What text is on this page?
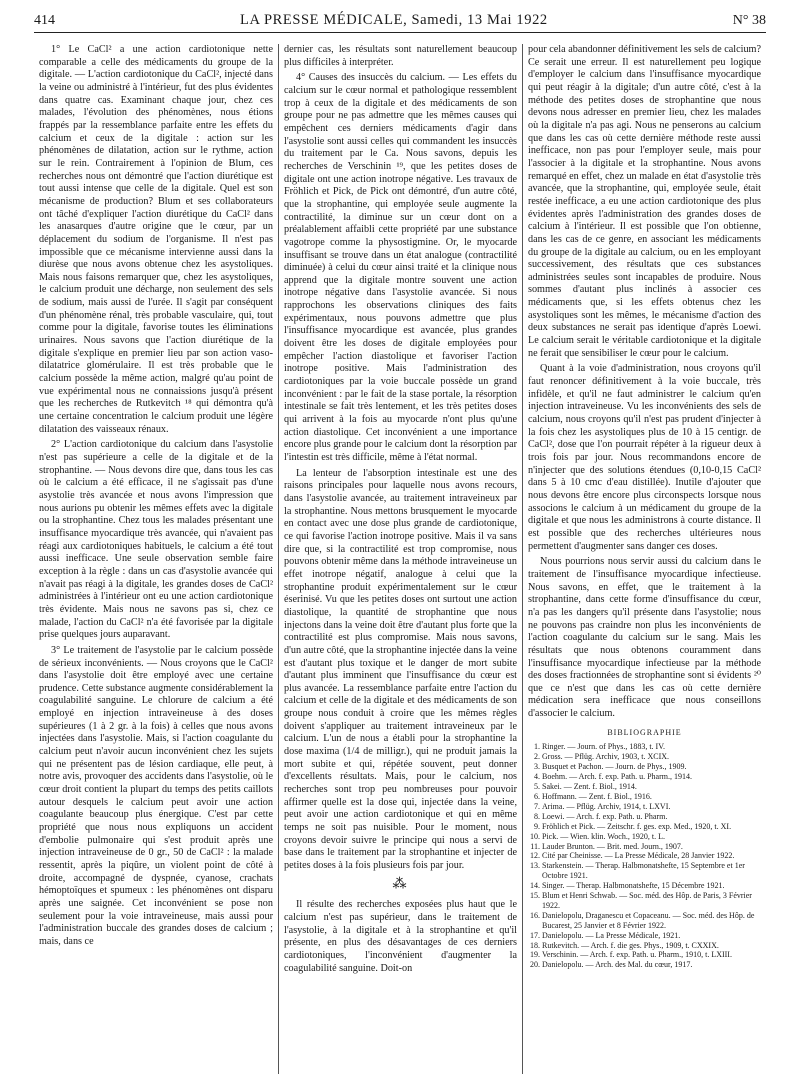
414	LA PRESSE MÉDICALE, Samedi, 13 Mai 1922	N° 38

1° Le CaCl² a une action cardiotonique nette comparable a celle des médicaments du groupe de la digitale. — L'action cardiotonique du CaCl², injecté dans la veine ou administré à l'intérieur, fut des plus évidentes dans quatre cas. Examinant chaque jour, chez ces malades, l'évolution des phénomènes, nous étions frappés par la ressemblance parfaite entre les effets du calcium et ceux de la digitale : action sur les phénomènes de dilatation, action sur le rythme, action sur le rein. Contrairement à l'opinion de Blum, ces recherches nous ont démontré que l'action diurétique est tout aussi intense que celle de la digitale. Quel est son mécanisme de production? Blum et ses collaborateurs ont tâché d'expliquer l'action diurétique du CaCl² dans les anasarques d'autre origine que le cœur, par un déplacement du sodium de l'organisme. Il n'est pas impossible que ce mécanisme intervienne aussi dans la diurèse que nous avons obtenue chez les asystoliques. Mais nous faisons remarquer que, chez les asystoliques, le calcium produit une décharge, non seulement des sels de sodium, mais aussi de l'urée. Il s'agit par conséquent d'un phénomène rénal, très probable vasculaire, qui, tout comme pour la digitale, favorise toutes les éliminations urinaires. Nous savons que l'action diurétique de la digitale s'explique en premier lieu par son action vaso-dilatatrice glomérulaire. Il est très probable que le calcium possède la même action, malgré qu'au point de vue expérimental nous ne connaissions jusqu'à présent que les recherches de Rutkevitch ¹⁸ qui démontra qu'à une certaine concentration le calcium produit une légère dilatation des vaisseaux rénaux.

2° L'action cardiotonique du calcium dans l'asystolie n'est pas supérieure a celle de la digitale et de la strophantine. — Nous devons dire que, dans tous les cas où le calcium a été efficace, il ne s'agissait pas d'une asystolie très avancée et nous avons l'impression que nous aurions pu obtenir les mêmes effets avec la digitale ou la strophantine. Chez tous les malades présentant une insuffisance myocardique très avancée, qui n'avaient pas réagi aux cardiotoniques habituels, le calcium a été tout aussi inefficace. Une seule observation semble faire exception à la règle : dans un cas d'asystolie avancée qui n'avait pas réagi à la digitale, les grandes doses de CaCl² administrées à l'intérieur ont eu une action cardiotonique très évidente. Mais nous ne savons pas si, chez ce malade, l'action du CaCl² n'a été favorisée par la digitale prise quelques jours auparavant.

3° Le traitement de l'asystolie par le calcium possède de sérieux inconvénients. — Nous croyons que le CaCl² dans l'asystolie doit être employé avec une certaine prudence. Cette substance augmente considérablement la coagulabilité sanguine. Le chlorure de calcium a été employé en injection intraveineuse à des doses supérieures (1 à 2 gr. à la fois) à celles que nous avons injectées dans l'asystolie. Mais, si l'action coagulante du calcium peut n'avoir aucun inconvénient chez les sujets qui ne présentent pas de lésion cardiaque, elle peut, à notre avis, provoquer des accidents dans l'asystolie, où le cœur droit contient la plupart du temps des petits caillots autour desquels le calcium peut avoir une action coagulante beaucoup plus énergique. C'est par cette propriété que nous nous expliquons un accident d'embolie pulmonaire qui s'est produit après une injection intraveineuse de 0 gr., 50 de CaCl² : la malade ressentit, après la piqûre, un violent point de côté à droite, accompagné de dyspnée, cyanose, crachats hémoptoïques et spumeux : les phénomènes ont disparu après une saignée. Cet inconvénient se pose non seulement pour la voie intraveineuse, mais aussi pour l'administration buccale des grandes doses de calcium ; mais, dans ce

dernier cas, les résultats sont naturellement beaucoup plus difficiles à interpréter.

4° Causes des insuccès du calcium. — Les effets du calcium sur le cœur normal et pathologique ressemblent trop à ceux de la digitale et des médicaments de son groupe pour ne pas admettre que les mêmes causes qui empêchent ces derniers médicaments d'agir dans l'asystolie sont aussi celles qui commandent les insuccès du traitement par le Ca. Nous savons, depuis les recherches de Verschinin ¹⁹, que les petites doses de digitale ont une action inotrope négative. Les travaux de Fröhlich et Pick, de Pick ont démontré, d'un autre côté, que la strophantine, qui employée seule augmente la contractilité, la diminue sur un cœur dont on a préalablement affaibli cette propriété par une substance vagotrope comme la physostigmine. Or, le myocarde insuffisant se trouve dans un état analogue (contractilité diminuée) à celui du cœur ainsi traité et la clinique nous apprend que la digitale montre souvent une action inotrope négative dans l'asystolie avancée. Si nous rapprochons les observations cliniques des faits expérimentaux, nous pouvons admettre que plus l'insuffisance myocardique est avancée, plus grandes doivent être les doses de digitale employées pour empêcher l'action diastolique et favoriser l'action inotrope positive. Mais l'administration des cardiotoniques par la voie buccale possède un grand inconvénient : par le fait de la stase portale, la résorption intestinale se fait très lentement, et les très petites doses qui arrivent à la fois au myocarde n'ont plus qu'une action diastolique. Cet inconvénient a une importance encore plus grande pour le calcium dont la résorption par l'intestin est très difficile, même à l'état normal.

La lenteur de l'absorption intestinale est une des raisons principales pour laquelle nous avons recours, dans l'asystolie avancée, au traitement intraveineux par la strophantine. Nous mettons brusquement le myocarde en contact avec une dose plus grande de cardiotonique, ce qui favorise l'action inotrope positive. Mais il va sans dire que, si la contractilité est trop compromise, nous pouvons obtenir même dans la méthode intraveineuse un effet inotrope négatif, analogue à celui que la strophantine produit expérimentalement sur le cœur éserinisé. Vu que les petites doses ont surtout une action diastolique, la quantité de strophantine que nous injectons dans la veine doit être d'autant plus forte que la contractilité est plus compromise. Mais nous savons, d'un autre côté, que la strophantine injectée dans la veine est d'autant plus toxique et le danger de mort subite d'autant plus imminent que l'insuffisance du cœur est plus avancée. La ressemblance parfaite entre l'action du calcium et celle de la digitale et des médicaments de son groupe nous conduit à croire que les mêmes règles doivent s'appliquer au traitement intraveineux par le calcium. L'un de nous a établi pour la strophantine la dose maxima (1/4 de milligr.), qui ne produit jamais la mort subite et qui, répétée souvent, peut donner d'excellents résultats. Mais, pour le calcium, nos recherches sont trop peu nombreuses pour pouvoir affirmer quelle est la dose qui, injectée dans la veine, peut avoir une action cardiotonique et qui en même temps ne soit pas nuisible. Pour le moment, nous croyons devoir suivre le principe qui nous a servi de base dans le traitement par la strophantine et injecter de petites doses à la fois plusieurs fois par jour.

⁂

Il résulte des recherches exposées plus haut que le calcium n'est pas supérieur, dans le traitement de l'asystolie, à la digitale et à la strophantine et qu'il présente, en plus des désavantages de ces derniers cardiotoniques, l'inconvénient d'augmenter la coagulabilité sanguine. Doit-on

pour cela abandonner définitivement les sels de calcium? Ce serait une erreur. Il est naturellement peu logique d'employer le calcium dans l'insuffisance myocardique qui peut réagir à la digitale; d'un autre côté, c'est à la méthode des petites doses de strophantine que nous devons nous adresser en premier lieu, chez les malades où la digitale n'a pas agi. Nous ne penserons au calcium que dans les cas où cette dernière méthode reste aussi inefficace, non pas pour l'employer seule, mais pour l'associer à la digitale et la strophantine. Nous avons remarqué en effet, chez un malade en état d'asystolie très avancée, que la strophantine, qui, employée seule, était restée inefficace, a eu une action cardiotonique des plus évidentes après l'administration des grandes doses de calcium à l'intérieur. Il est possible que l'on obtienne, dans les cas de ce genre, en associant les médicaments du groupe de la digitale au calcium, ou en les employant successivement, des résultats que ces substances administrées seules sont incapables de produire. Nous sommes d'autant plus inclinés à associer ces médicaments que, si les effets obtenus chez les asystoliques sont les mêmes, le mécanisme d'action des deux substances ne serait pas identique d'après Loewi. Le calcium serait le véritable cardiotonique et la digitale ne ferait que sensibiliser le cœur pour le calcium.

Quant à la voie d'administration, nous croyons qu'il faut renoncer définitivement à la voie buccale, très infidèle, et qu'il ne faut administrer le calcium qu'en injection intraveineuse. Vu les inconvénients des sels de calcium, nous croyons qu'il n'est pas prudent d'injecter à la fois chez les asystoliques plus de 10 à 15 centigr. de CaCl², dose que l'on pourrait répéter à la rigueur deux à trois fois par jour. Nous recommandons encore de n'injecter que des solutions étendues (0,10-0,15 CaCl² dans 5 à 10 cmc d'eau distillée). Inutile d'ajouter que nous devons être encore plus circonspects lorsque nous associons le calcium à un médicament du groupe de la digitale et que nous les administrons à courte distance. Il est possible que des recherches ultérieures nous permettent d'augmenter sans danger ces doses.

Nous pourrions nous servir aussi du calcium dans le traitement de l'insuffisance myocardique infectieuse. Nous savons, en effet, que le traitement à la strophantine, dans cette forme d'insuffisance du cœur, n'a pas les dangers qu'il présente dans l'asystolie; nous ne pouvons pas craindre non plus les inconvénients de l'action coagulante du calcium sur le sang. Mais les résultats que nous obtenons couramment dans l'insuffisance myocardique infectieuse par la méthode des doses fractionnées de strophantine sont si évidents ²⁰ que ce n'est que dans les cas où cette dernière médication sera inefficace que nous conseillons d'associer le calcium.

BIBLIOGRAPHIE
1. Ringer. — Journ. of Phys., 1883, t. IV.
2. Gross. — Pflüg. Archiv, 1903, t. XCIX.
3. Busquet et Pachon. — Journ. de Phys., 1909.
4. Boehm. — Arch. f. exp. Path. u. Pharm., 1914.
5. Sakei. — Zent. f. Biol., 1914.
6. Hoffmann. — Zent. f. Biol., 1916.
7. Arima. — Pflüg. Archiv, 1914, t. LXVI.
8. Loewi. — Arch. f. exp. Path. u. Pharm.
9. Fröhlich et Pick. — Zeitschr. f. ges. exp. Med., 1920, t. XI.
10. Pick. — Wien. klin. Woch., 1920, t. L.
11. Lauder Brunton. — Brit. med. Journ., 1907.
12. Cité par Cheinisse. — La Presse Médicale, 28 Janvier 1922.
13. Starkenstein. — Therap. Halbmonatshefte, 15 Septembre et 1er Octobre 1921.
14. Singer. — Therap. Halbmonatshefte, 15 Décembre 1921.
15. Blum et Henri Schwab. — Soc. méd. des Hôp. de Paris, 3 Février 1922.
16. Danielopolu, Draganescu et Copaceanu. — Soc. méd. des Hôp. de Bucarest, 25 Janvier et 8 Février 1922.
17. Danielopolu. — La Presse Médicale, 1921.
18. Rutkevitch. — Arch. f. die ges. Phys., 1909, t. CXXIX.
19. Verschinin. — Arch. f. exp. Path. u. Pharm., 1910, t. LXIII.
20. Danielopolu. — Arch. des Mal. du cœur, 1917.
